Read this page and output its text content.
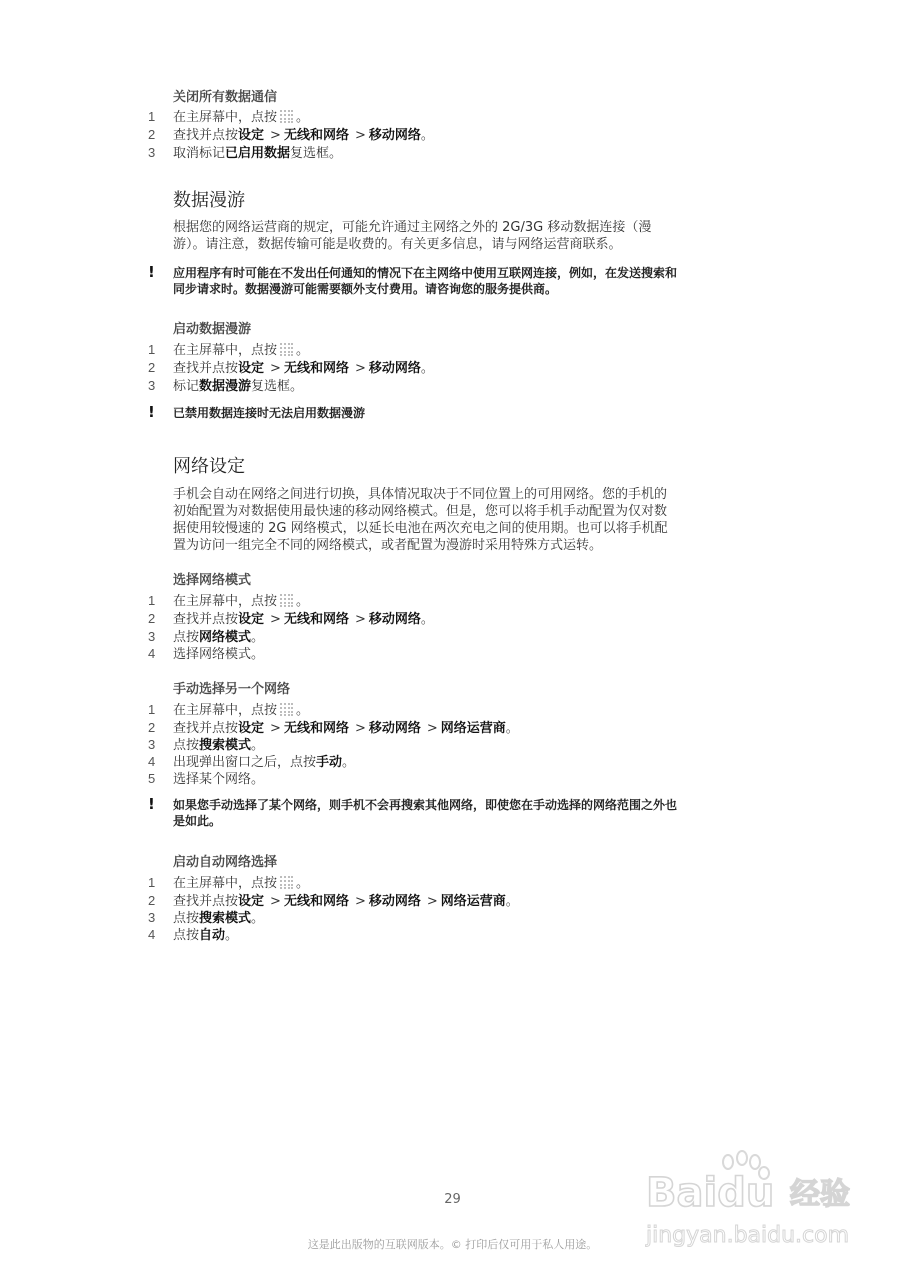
关闭所有数据通信
1 在主屏幕中，点按 。
2 查找并点按设定 > 无线和网络 > 移动网络。
3 取消标记已启用数据复选框。
数据漫游
根据您的网络运营商的规定，可能允许通过主网络之外的 2G/3G 移动数据连接（漫
游）。请注意，数据传输可能是收费的。有关更多信息，请与网络运营商联系。
! 应用程序有时可能在不发出任何通知的情况下在主网络中使用互联网连接，例如，在发送搜索和
同步请求时。数据漫游可能需要额外支付费用。请咨询您的服务提供商。
启动数据漫游
1 在主屏幕中，点按 。
2 查找并点按设定 > 无线和网络 > 移动网络。
3 标记数据漫游复选框。
! 已禁用数据连接时无法启用数据漫游
网络设定
手机会自动在网络之间进行切换，具体情况取决于不同位置上的可用网络。您的手机的
初始配置为对数据使用最快速的移动网络模式。但是，您可以将手机手动配置为仅对数
据使用较慢速的 2G 网络模式，以延长电池在两次充电之间的使用期。也可以将手机配
置为访问一组完全不同的网络模式，或者配置为漫游时采用特殊方式运转。
选择网络模式
1 在主屏幕中，点按 。
2 查找并点按设定 > 无线和网络 > 移动网络。
3 点按网络模式。
4 选择网络模式。
手动选择另一个网络
1 在主屏幕中，点按 。
2 查找并点按设定 > 无线和网络 > 移动网络 > 网络运营商。
3 点按搜索模式。
4 出现弹出窗口之后，点按手动。
5 选择某个网络。
! 如果您手动选择了某个网络，则手机不会再搜索其他网络，即使您在手动选择的网络范围之外也
是如此。
启动自动网络选择
1 在主屏幕中，点按 。
2 查找并点按设定 > 无线和网络 > 移动网络 > 网络运营商。
3 点按搜索模式。
4 点按自动。
29
这是此出版物的互联网版本。© 打印后仅可用于私人用途。
Baidu 经验
jingyan.baidu.com
